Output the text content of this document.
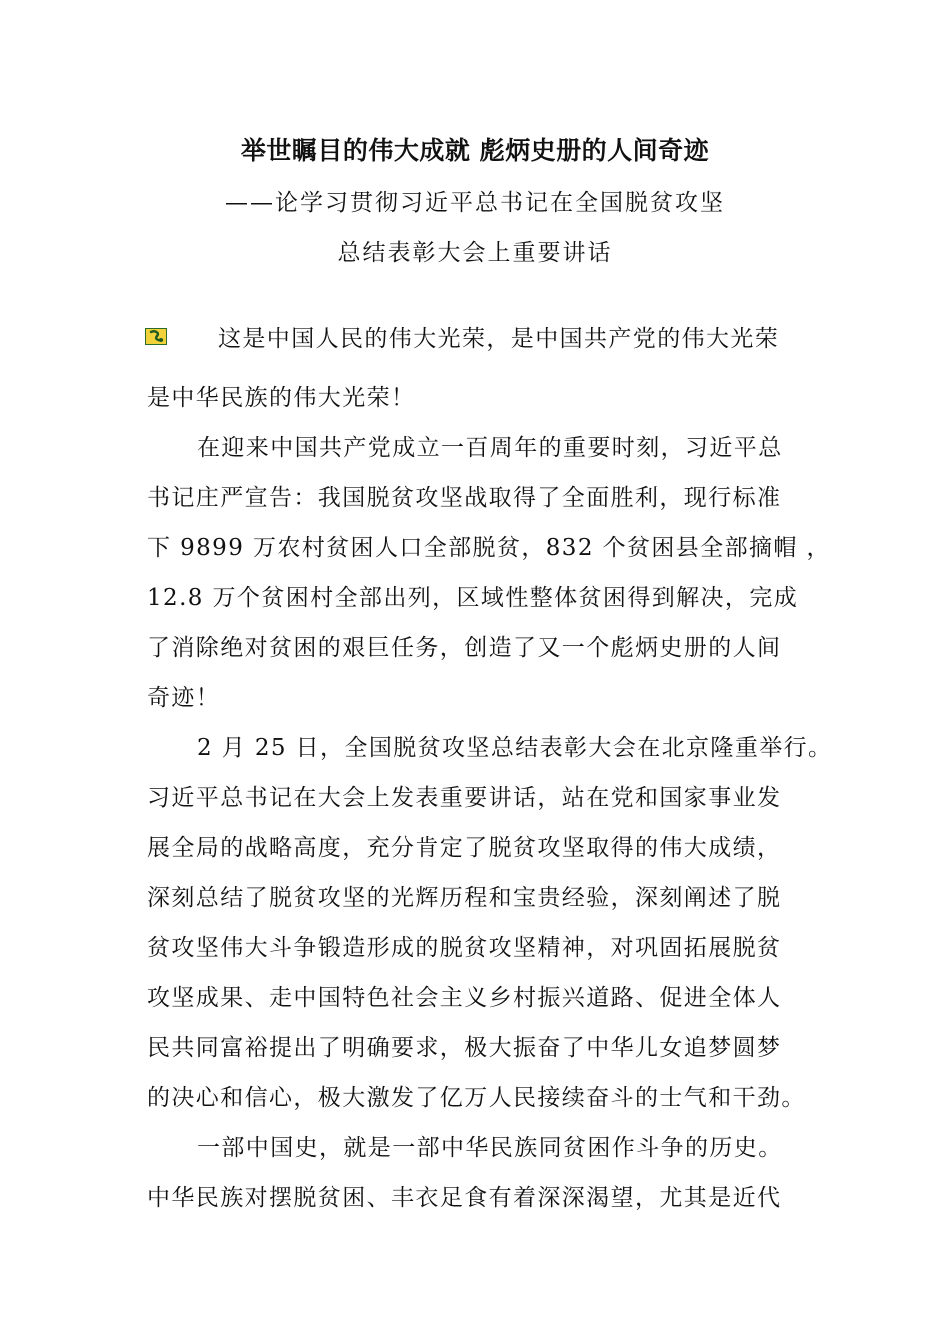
举世瞩目的伟大成就 彪炳史册的人间奇迹
——论学习贯彻习近平总书记在全国脱贫攻坚
总结表彰大会上重要讲话
这是中国人民的伟大光荣，是中国共产党的伟大光荣
是中华民族的伟大光荣！
在迎来中国共产党成立一百周年的重要时刻，习近平总
书记庄严宣告：我国脱贫攻坚战取得了全面胜利，现行标准
下 9899 万农村贫困人口全部脱贫，832 个贫困县全部摘帽 ，
12.8 万个贫困村全部出列，区域性整体贫困得到解决，完成
了消除绝对贫困的艰巨任务，创造了又一个彪炳史册的人间
奇迹！
2 月 25 日，全国脱贫攻坚总结表彰大会在北京隆重举行。
习近平总书记在大会上发表重要讲话，站在党和国家事业发
展全局的战略高度，充分肯定了脱贫攻坚取得的伟大成绩，
深刻总结了脱贫攻坚的光辉历程和宝贵经验，深刻阐述了脱
贫攻坚伟大斗争锻造形成的脱贫攻坚精神，对巩固拓展脱贫
攻坚成果、走中国特色社会主义乡村振兴道路、促进全体人
民共同富裕提出了明确要求，极大振奋了中华儿女追梦圆梦
的决心和信心，极大激发了亿万人民接续奋斗的士气和干劲。
一部中国史，就是一部中华民族同贫困作斗争的历史。
中华民族对摆脱贫困、丰衣足食有着深深渴望，尤其是近代
